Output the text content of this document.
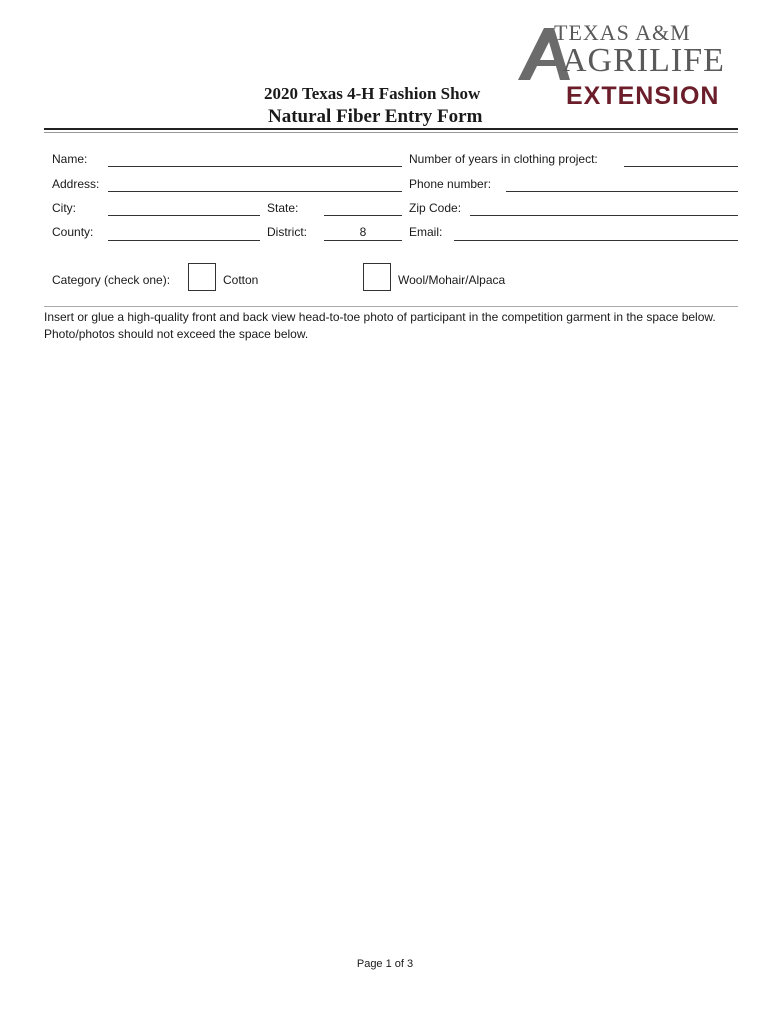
TEXAS A&M
AGRILIFE
EXTENSION
2020 Texas 4-H Fashion Show
Natural Fiber Entry Form
Name:	Number of years in clothing project:
Address:	Phone number:
City:	State:	Zip Code:
County:	District:	8	Email:
Category (check one):	Cotton	Wool/Mohair/Alpaca
Insert or glue a high-quality front and back view head-to-toe photo of participant in the competition garment in the space below. Photo/photos should not exceed the space below.
Page 1 of 3
